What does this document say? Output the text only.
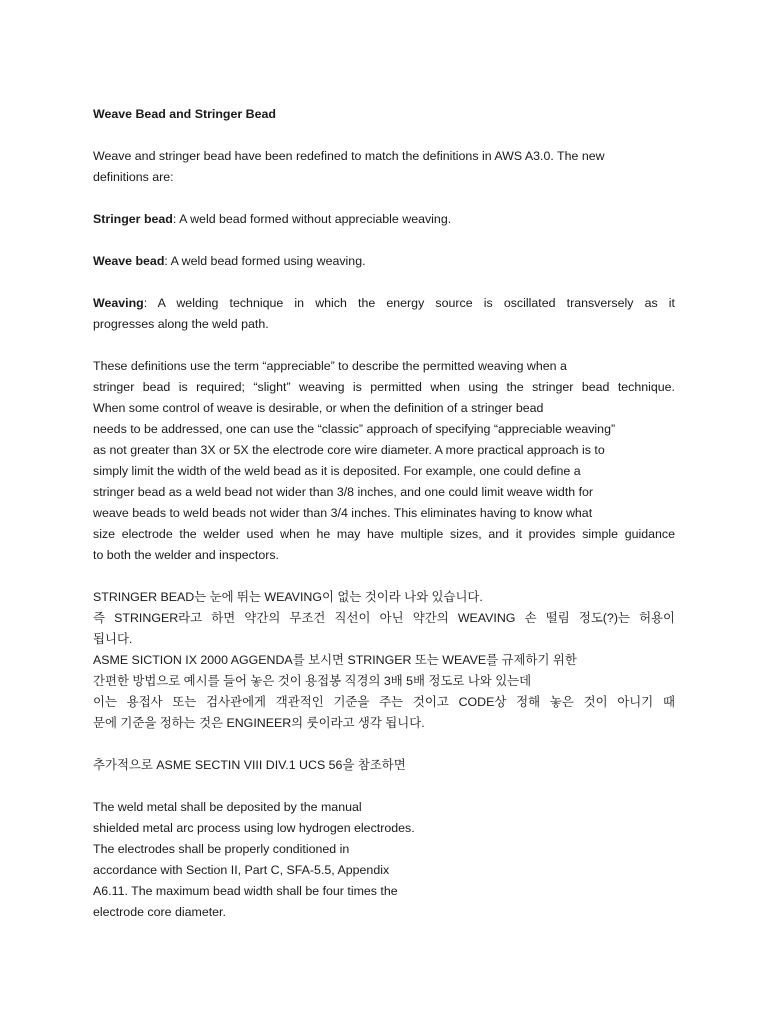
Weave Bead and Stringer Bead
Weave and stringer bead have been redefined to match the definitions in AWS A3.0. The new
definitions are:
Stringer bead: A weld bead formed without appreciable weaving.
Weave bead: A weld bead formed using weaving.
Weaving: A welding technique in which the energy source is oscillated transversely as it
progresses along the weld path.
These definitions use the term “appreciable” to describe the permitted weaving when a
stringer bead is required; “slight” weaving is permitted when using the stringer bead technique.
When some control of weave is desirable, or when the definition of a stringer bead
needs to be addressed, one can use the “classic” approach of specifying “appreciable weaving”
as not greater than 3X or 5X the electrode core wire diameter. A more practical approach is to
simply limit the width of the weld bead as it is deposited. For example, one could define a
stringer bead as a weld bead not wider than 3/8 inches, and one could limit weave width for
weave beads to weld beads not wider than 3/4 inches. This eliminates having to know what
size electrode the welder used when he may have multiple sizes, and it provides simple guidance
to both the welder and inspectors.
STRINGER BEAD는 눈에 뛰는 WEAVING이 없는 것이라 나와 있습니다.
즉 STRINGER라고 하면 약간의 무조건 직선이 아닌 약간의 WEAVING 손 떨림 정도(?)는 허용이
됩니다.
ASME SICTION IX 2000 AGGENDA를 보시면 STRINGER 또는 WEAVE를 규제하기 위한
간편한 방법으로 예시를 들어 놓은 것이 용접봉 직경의 3배 5배 정도로 나와 있는데
이는 용접사 또는 검사관에게 객관적인 기준을 주는 것이고 CODE상 정해 놓은 것이 아니기 때
문에 기준을 정하는 것은 ENGINEER의 룻이라고 생각 됩니다.
추가적으로 ASME SECTIN VIII DIV.1 UCS 56을 참조하면
The weld metal shall be deposited by the manual
shielded metal arc process using low hydrogen electrodes.
The electrodes shall be properly conditioned in
accordance with Section II, Part C, SFA-5.5, Appendix
A6.11. The maximum bead width shall be four times the
electrode core diameter.
